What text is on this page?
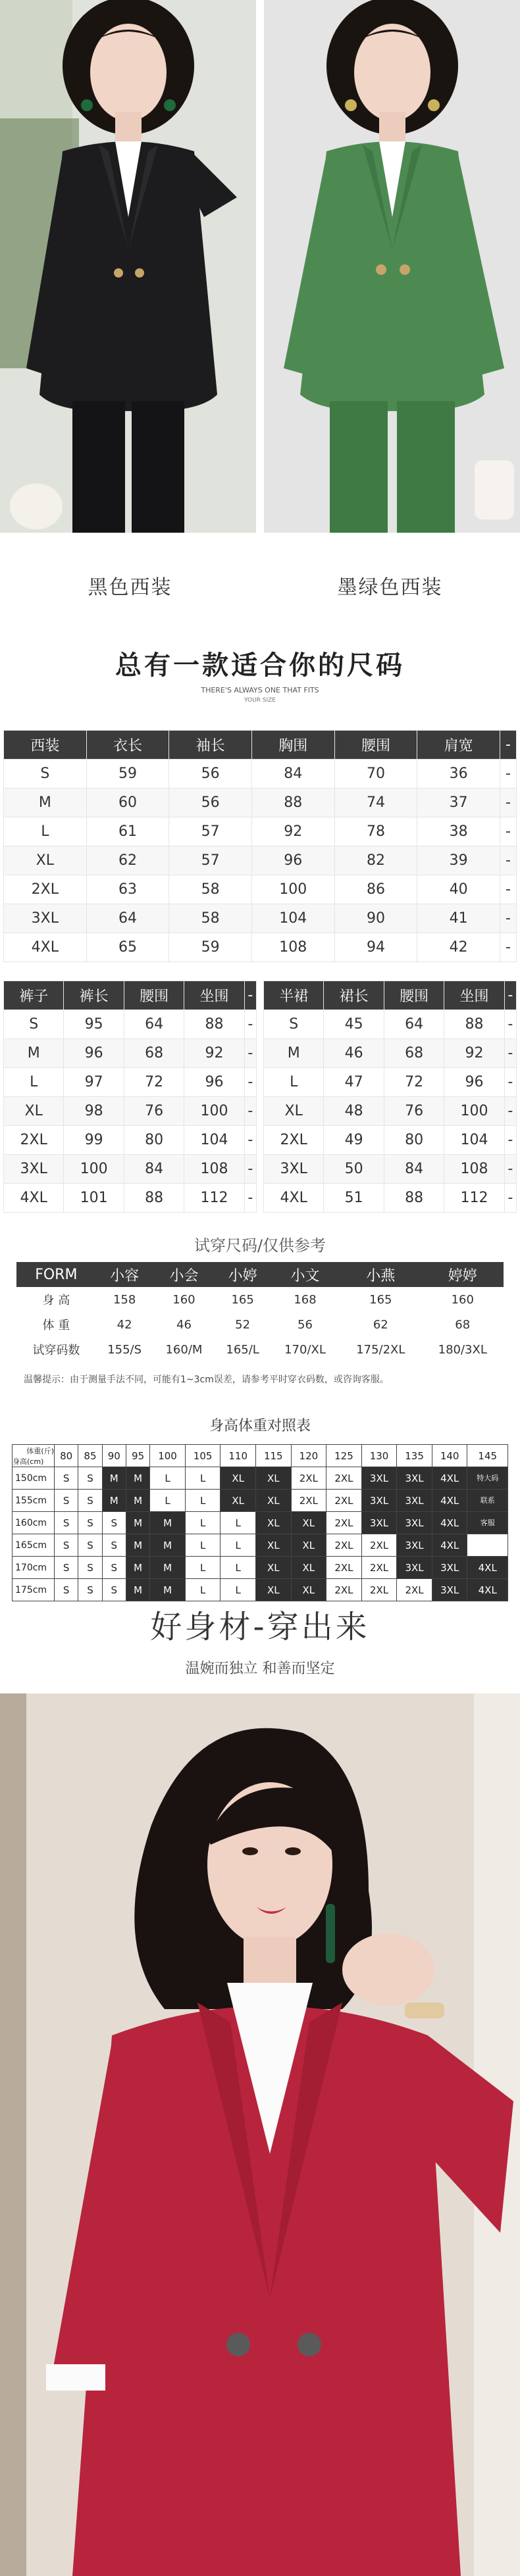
黑色西装	墨绿色西装
总有一款适合你的尺码
THERE'S ALWAYS ONE THAT FITS
YOUR SIZE
西装	衣长	袖长	胸围	腰围	肩宽	-
S	59	56	84	70	36	-
M	60	56	88	74	37	-
L	61	57	92	78	38	-
XL	62	57	96	82	39	-
2XL	63	58	100	86	40	-
3XL	64	58	104	90	41	-
4XL	65	59	108	94	42	-
裤子	裤长	腰围	坐围	-
S	95	64	88	-
M	96	68	92	-
L	97	72	96	-
XL	98	76	100	-
2XL	99	80	104	-
3XL	100	84	108	-
4XL	101	88	112	-
半裙	裙长	腰围	坐围	-
S	45	64	88	-
M	46	68	92	-
L	47	72	96	-
XL	48	76	100	-
2XL	49	80	104	-
3XL	50	84	108	-
4XL	51	88	112	-
试穿尺码/仅供参考
FORM	小容	小会	小婷	小文	小燕	婷婷
身 高	158	160	165	168	165	160
体 重	42	46	52	56	62	68
试穿码数	155/S	160/M	165/L	170/XL	175/2XL	180/3XL
温馨提示：由于测量手法不同，可能有1~3cm误差，请参考平时穿衣码数，或咨询客服。
身高体重对照表
体重(斤)
身高(cm)	80	85	90	95	100	105	110	115	120	125	130	135	140	145
150cm	S	S	M	M	L	L	XL	XL	2XL	2XL	3XL	3XL	4XL	特大码
155cm	S	S	M	M	L	L	XL	XL	2XL	2XL	3XL	3XL	4XL	联系
160cm	S	S	S	M	M	L	L	XL	XL	2XL	3XL	3XL	4XL	客服
165cm	S	S	S	M	M	L	L	XL	XL	2XL	2XL	3XL	4XL	
170cm	S	S	S	M	M	L	L	XL	XL	2XL	2XL	3XL	3XL	4XL
175cm	S	S	S	M	M	L	L	XL	XL	2XL	2XL	2XL	3XL	4XL
好身材-穿出来
温婉而独立 和善而坚定
